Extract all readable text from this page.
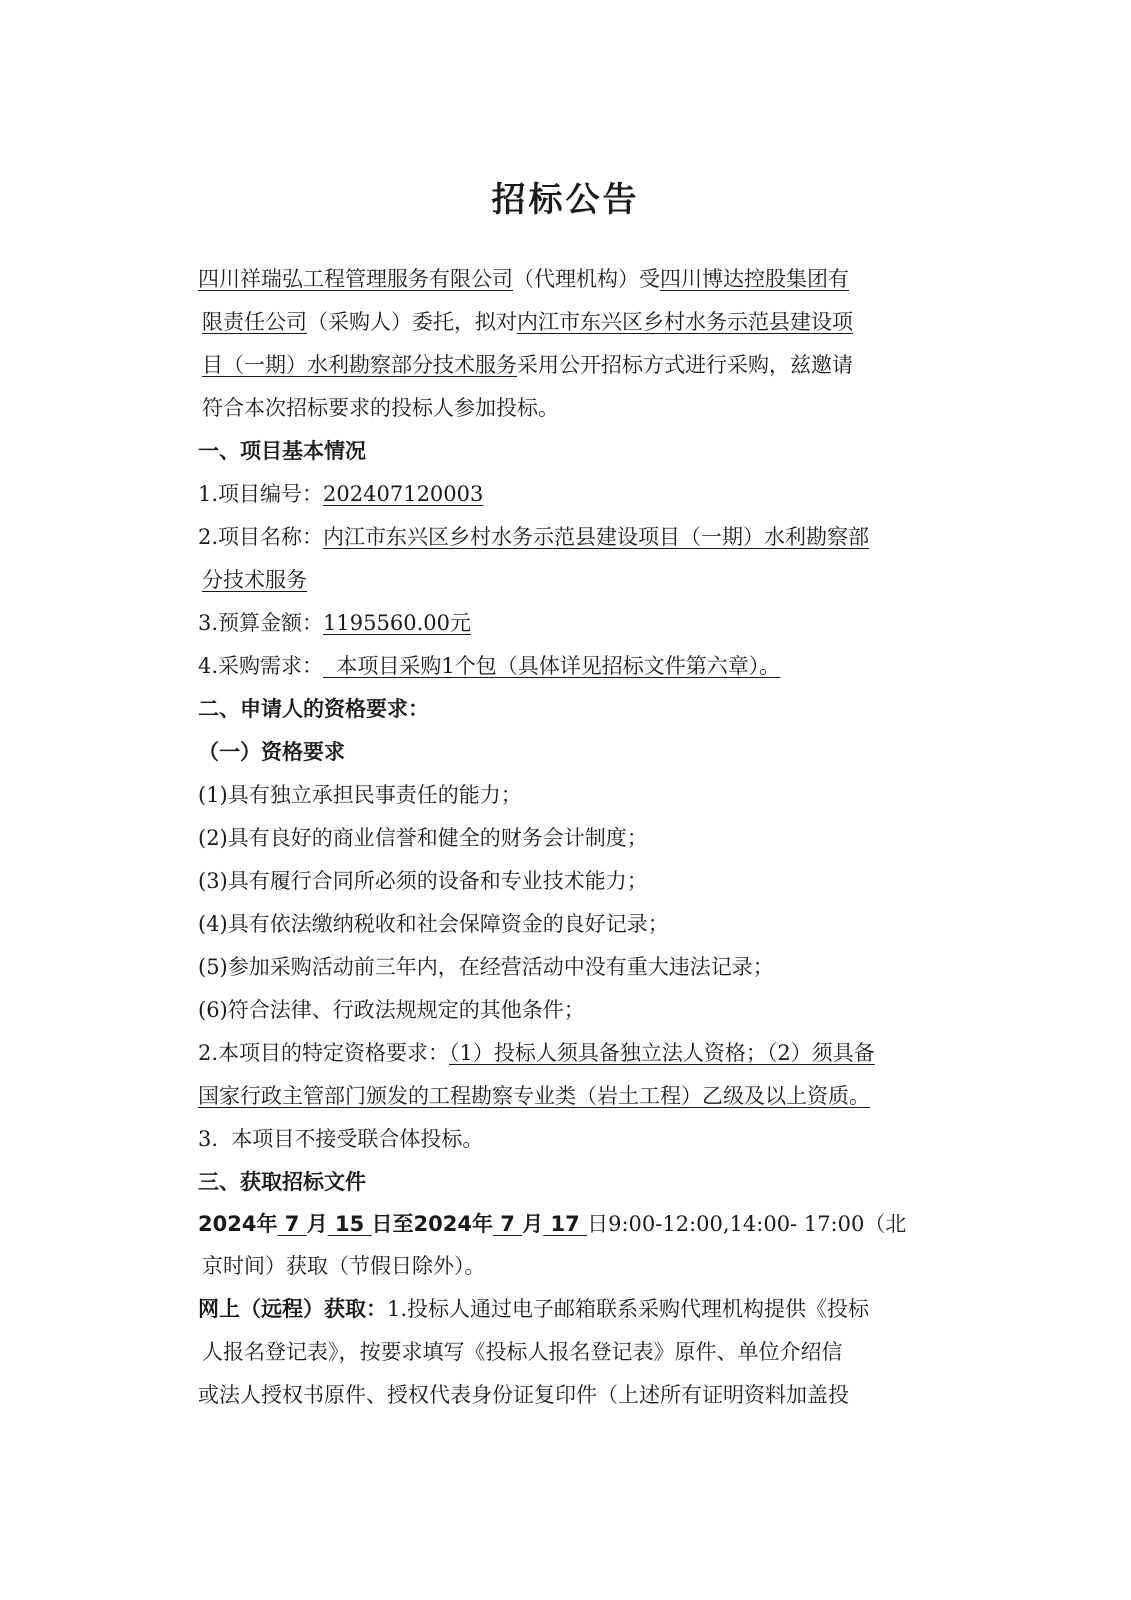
招标公告
四川祥瑞弘工程管理服务有限公司（代理机构）受四川博达控股集团有
限责任公司（采购人）委托，拟对内江市东兴区乡村水务示范县建设项
目（一期）水利勘察部分技术服务采用公开招标方式进行采购，兹邀请
符合本次招标要求的投标人参加投标。
一、项目基本情况
1.项目编号：202407120003
2.项目名称：内江市东兴区乡村水务示范县建设项目（一期）水利勘察部
分技术服务
3.预算金额：1195560.00元
4.采购需求：  本项目采购1个包（具体详见招标文件第六章）。
二、申请人的资格要求：
（一）资格要求
(1)具有独立承担民事责任的能力；
(2)具有良好的商业信誉和健全的财务会计制度；
(3)具有履行合同所必须的设备和专业技术能力；
(4)具有依法缴纳税收和社会保障资金的良好记录；
(5)参加采购活动前三年内，在经营活动中没有重大违法记录；
(6)符合法律、行政法规规定的其他条件；
2.本项目的特定资格要求：（1）投标人须具备独立法人资格；（2）须具备
国家行政主管部门颁发的工程勘察专业类（岩土工程）乙级及以上资质。
3.  本项目不接受联合体投标。
三、获取招标文件
2024年 7 月 15 日至2024年 7 月 17 日9:00-12:00,14:00- 17:00（北
京时间）获取（节假日除外）。
网上（远程）获取：1.投标人通过电子邮箱联系采购代理机构提供《投标
人报名登记表》，按要求填写《投标人报名登记表》原件、单位介绍信
或法人授权书原件、授权代表身份证复印件（上述所有证明资料加盖投
